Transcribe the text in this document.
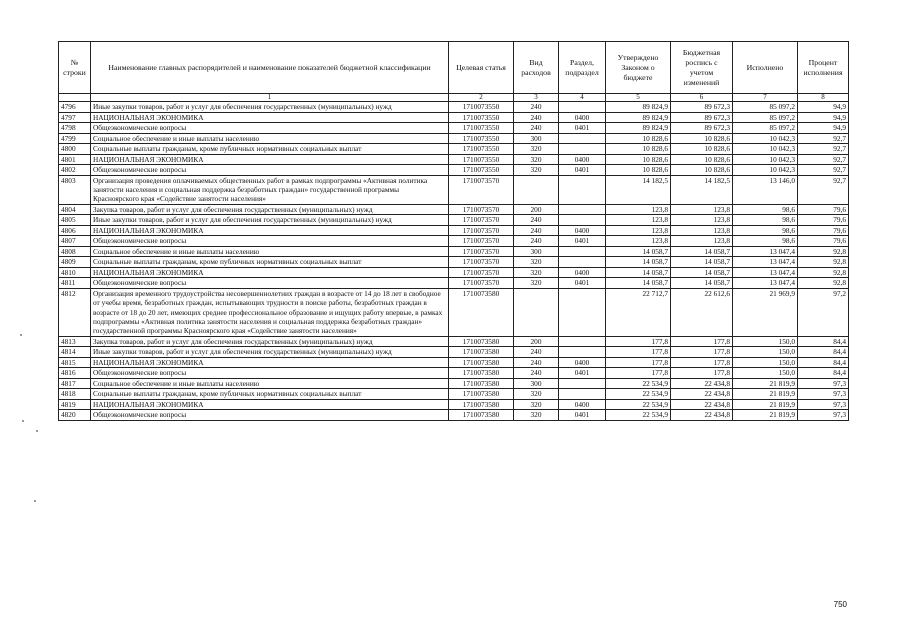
№ строки	Наименование главных распорядителей и наименование показателей бюджетной классификации	Целевая статья	Вид расходов	Раздел, подраздел	Утверждено Законом о бюджете	Бюджетная роспись с учетом изменений	Исполнено	Процент исполнения
	1	2	3	4	5	6	7	8
4796	Иные закупки товаров, работ и услуг для обеспечения государственных (муниципальных) нужд	1710073550	240		89 824,9	89 672,3	85 097,2	94,9
4797	НАЦИОНАЛЬНАЯ ЭКОНОМИКА	1710073550	240	0400	89 824,9	89 672,3	85 097,2	94,9
4798	Общеэкономические вопросы	1710073550	240	0401	89 824,9	89 672,3	85 097,2	94,9
4799	Социальное обеспечение и иные выплаты населению	1710073550	300		10 828,6	10 828,6	10 042,3	92,7
4800	Социальные выплаты гражданам, кроме публичных нормативных социальных выплат	1710073550	320		10 828,6	10 828,6	10 042,3	92,7
4801	НАЦИОНАЛЬНАЯ ЭКОНОМИКА	1710073550	320	0400	10 828,6	10 828,6	10 042,3	92,7
4802	Общеэкономические вопросы	1710073550	320	0401	10 828,6	10 828,6	10 042,3	92,7
4803	Организация проведения оплачиваемых общественных работ в рамках подпрограммы «Активная политика занятости населения и социальная поддержка безработных граждан» государственной программы Красноярского края «Содействие занятости населения»	1710073570			14 182,5	14 182,5	13 146,0	92,7
4804	Закупка товаров, работ и услуг для обеспечения государственных (муниципальных) нужд	1710073570	200		123,8	123,8	98,6	79,6
4805	Иные закупки товаров, работ и услуг для обеспечения государственных (муниципальных) нужд	1710073570	240		123,8	123,8	98,6	79,6
4806	НАЦИОНАЛЬНАЯ ЭКОНОМИКА	1710073570	240	0400	123,8	123,8	98,6	79,6
4807	Общеэкономические вопросы	1710073570	240	0401	123,8	123,8	98,6	79,6
4808	Социальное обеспечение и иные выплаты населению	1710073570	300		14 058,7	14 058,7	13 047,4	92,8
4809	Социальные выплаты гражданам, кроме публичных нормативных социальных выплат	1710073570	320		14 058,7	14 058,7	13 047,4	92,8
4810	НАЦИОНАЛЬНАЯ ЭКОНОМИКА	1710073570	320	0400	14 058,7	14 058,7	13 047,4	92,8
4811	Общеэкономические вопросы	1710073570	320	0401	14 058,7	14 058,7	13 047,4	92,8
4812	Организация временного трудоустройства несовершеннолетних граждан в возрасте от 14 до 18 лет в свободное от учебы время, безработных граждан, испытывающих трудности в поиске работы, безработных граждан в возрасте от 18 до 20 лет, имеющих среднее профессиональное образование и ищущих работу впервые, в рамках подпрограммы «Активная политика занятости населения и социальная поддержка безработных граждан» государственной программы Красноярского края «Содействие занятости населения»	1710073580			22 712,7	22 612,6	21 969,9	97,2
4813	Закупка товаров, работ и услуг для обеспечения государственных (муниципальных) нужд	1710073580	200		177,8	177,8	150,0	84,4
4814	Иные закупки товаров, работ и услуг для обеспечения государственных (муниципальных) нужд	1710073580	240		177,8	177,8	150,0	84,4
4815	НАЦИОНАЛЬНАЯ ЭКОНОМИКА	1710073580	240	0400	177,8	177,8	150,0	84,4
4816	Общеэкономические вопросы	1710073580	240	0401	177,8	177,8	150,0	84,4
4817	Социальное обеспечение и иные выплаты населению	1710073580	300		22 534,9	22 434,8	21 819,9	97,3
4818	Социальные выплаты гражданам, кроме публичных нормативных социальных выплат	1710073580	320		22 534,9	22 434,8	21 819,9	97,3
4819	НАЦИОНАЛЬНАЯ ЭКОНОМИКА	1710073580	320	0400	22 534,9	22 434,8	21 819,9	97,3
4820	Общеэкономические вопросы	1710073580	320	0401	22 534,9	22 434,8	21 819,9	97,3
750
